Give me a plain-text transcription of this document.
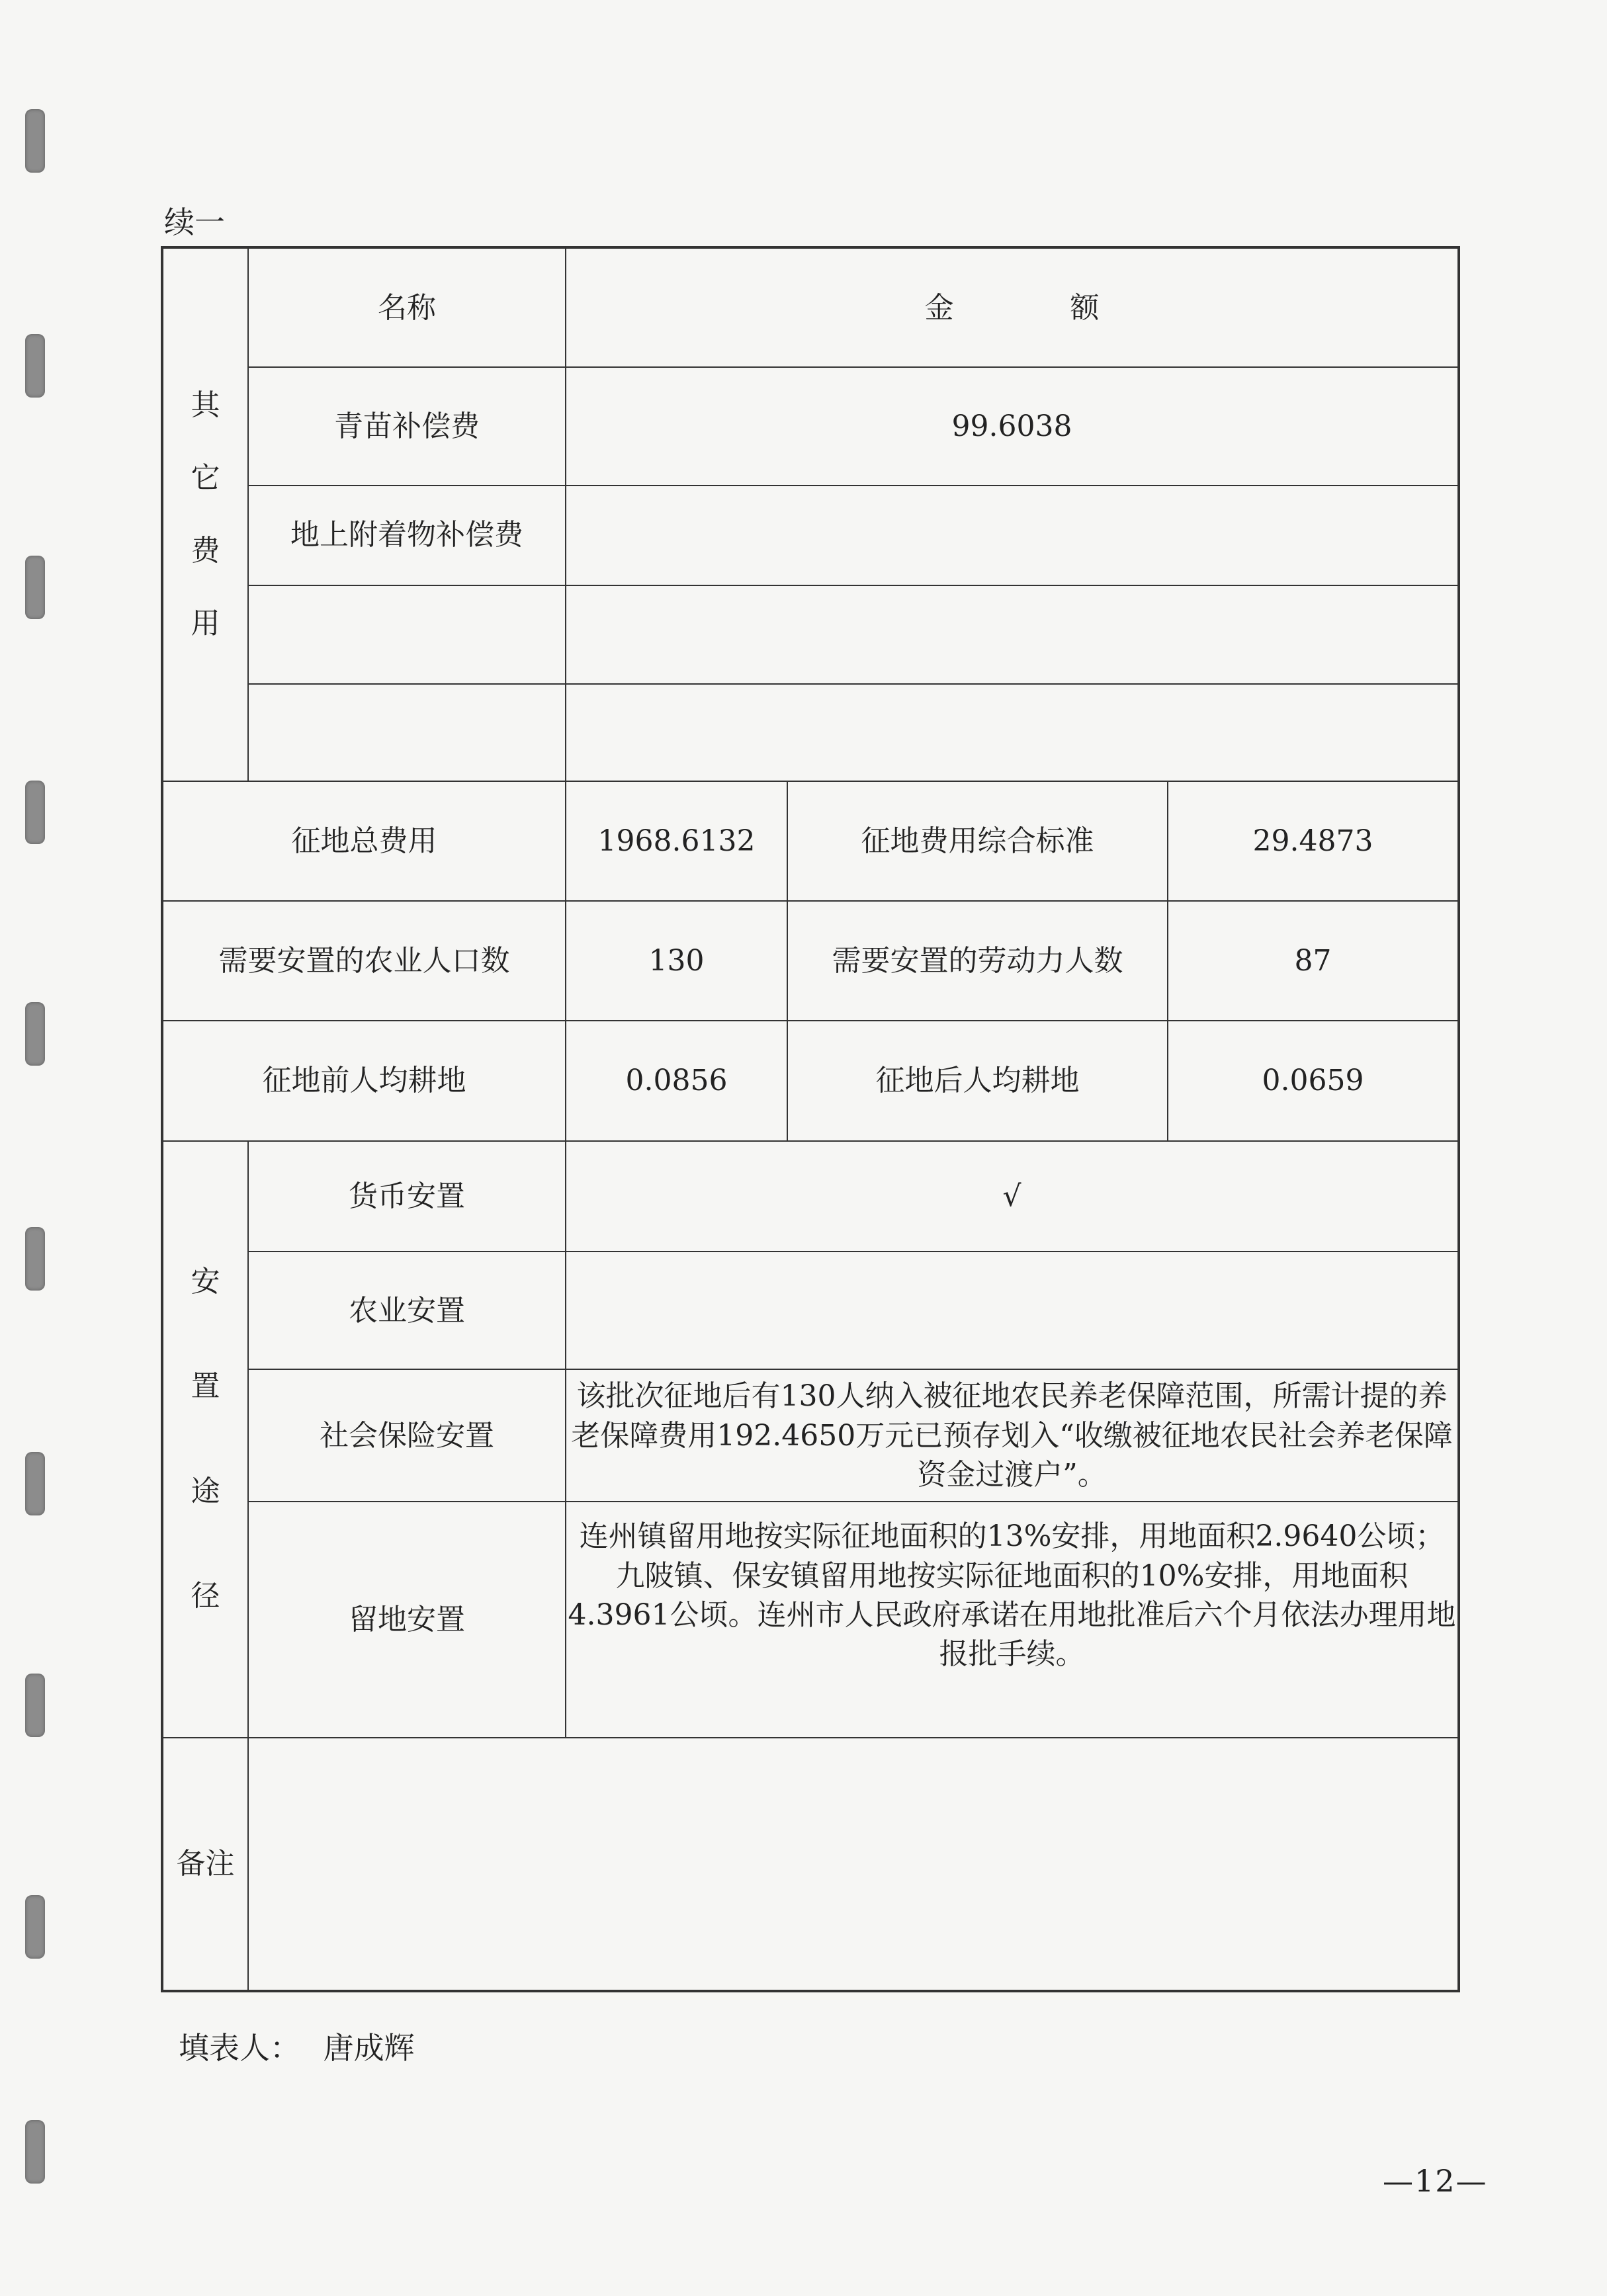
续一
其
它
费
用	名称	金　　　　额		
	青苗补偿费	99.6038		
	地上附着物补偿费			

征地总费用		1968.6132	征地费用综合标准	29.4873
需要安置的农业人口数		130	需要安置的劳动力人数	87
征地前人均耕地		0.0856	征地后人均耕地	0.0659

安
置
途
径	货币安置	√		
	农业安置			
	社会保险安置	该批次征地后有130人纳入被征地农民养老保障范围，所需计提的养老保障费用192.4650万元已预存划入“收缴被征地农民社会养老保障资金过渡户”。		
	留地安置	连州镇留用地按实际征地面积的13%安排，用地面积2.9640公顷；九陂镇、保安镇留用地按实际征地面积的10%安排，用地面积4.3961公顷。连州市人民政府承诺在用地批准后六个月依法办理用地报批手续。		
备注				
填表人： 唐成辉
—12—
